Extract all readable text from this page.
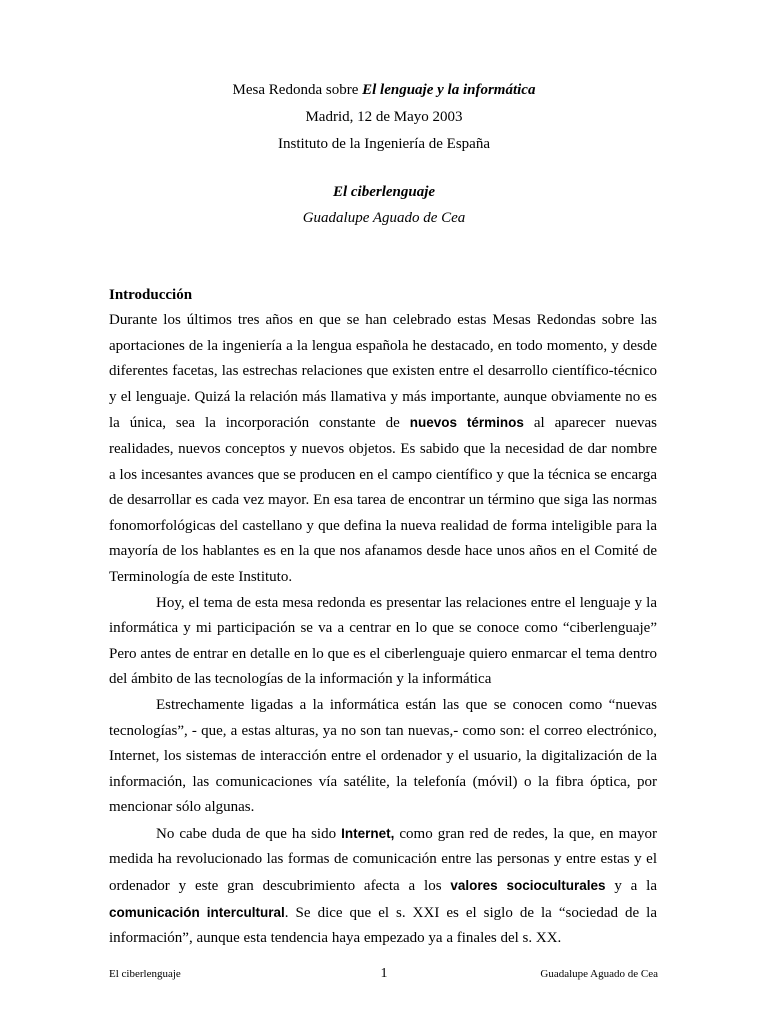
Mesa Redonda sobre El lenguaje y la informática
Madrid, 12 de Mayo 2003
Instituto de la Ingeniería de España
El ciberlenguaje
Guadalupe Aguado de Cea
Introducción

Durante los últimos tres años en que se han celebrado estas Mesas Redondas sobre las aportaciones de la ingeniería a la lengua española he destacado, en todo momento, y desde diferentes facetas, las estrechas relaciones que existen entre el desarrollo científico-técnico y el lenguaje. Quizá la relación más llamativa y más importante, aunque obviamente no es la única, sea la incorporación constante de nuevos términos al aparecer nuevas realidades, nuevos conceptos y nuevos objetos. Es sabido que la necesidad de dar nombre a los incesantes avances que se producen en el campo científico y que la técnica se encarga de desarrollar es cada vez mayor. En esa tarea de encontrar un término que siga las normas fonomorfológicas del castellano y que defina la nueva realidad de forma inteligible para la mayoría de los hablantes es en la que nos afanamos desde hace unos años en el Comité de Terminología de este Instituto.

Hoy, el tema de esta mesa redonda es presentar las relaciones entre el lenguaje y la informática y mi participación se va a centrar en lo que se conoce como “ciberlenguaje” Pero antes de entrar en detalle en lo que es el ciberlenguaje quiero enmarcar el tema dentro del ámbito de las tecnologías de la información y la informática

Estrechamente ligadas a la informática están las que se conocen como “nuevas tecnologías”, - que, a estas alturas, ya no son tan nuevas,- como son: el correo electrónico, Internet, los sistemas de interacción entre el ordenador y el usuario, la digitalización de la información, las comunicaciones vía satélite, la telefonía (móvil) o la fibra óptica, por mencionar sólo algunas.

No cabe duda de que ha sido Internet, como gran red de redes, la que, en mayor medida ha revolucionado las formas de comunicación entre las personas y entre estas y el ordenador y este gran descubrimiento afecta a los valores socioculturales y a la comunicación intercultural. Se dice que el s. XXI es el siglo de la “sociedad de la información”, aunque esta tendencia haya empezado ya a finales del s. XX.

El ciberlenguaje	1	Guadalupe Aguado de Cea
